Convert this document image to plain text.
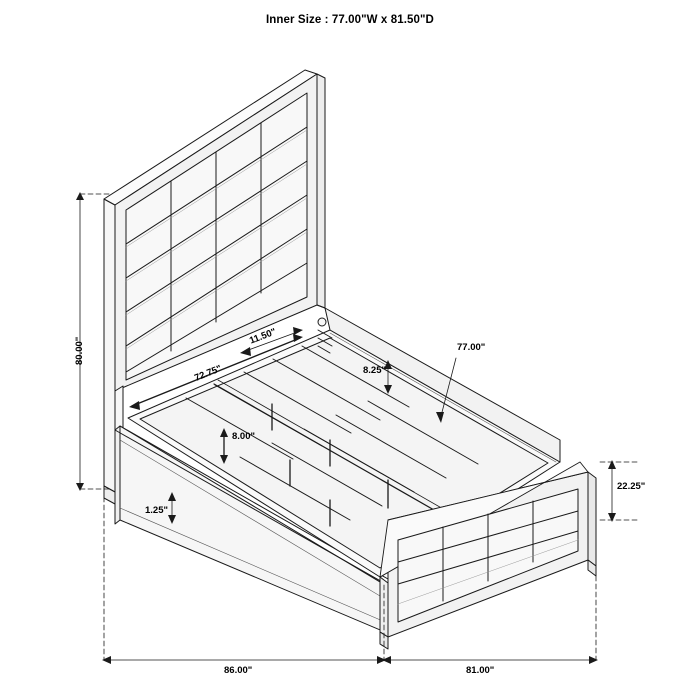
Inner Size : 77.00"W x 81.50"D
80.00"
11.50"
72.75"	8.25"
77.00"
8.00"
1.25"
22.25"
86.00"	81.00"
